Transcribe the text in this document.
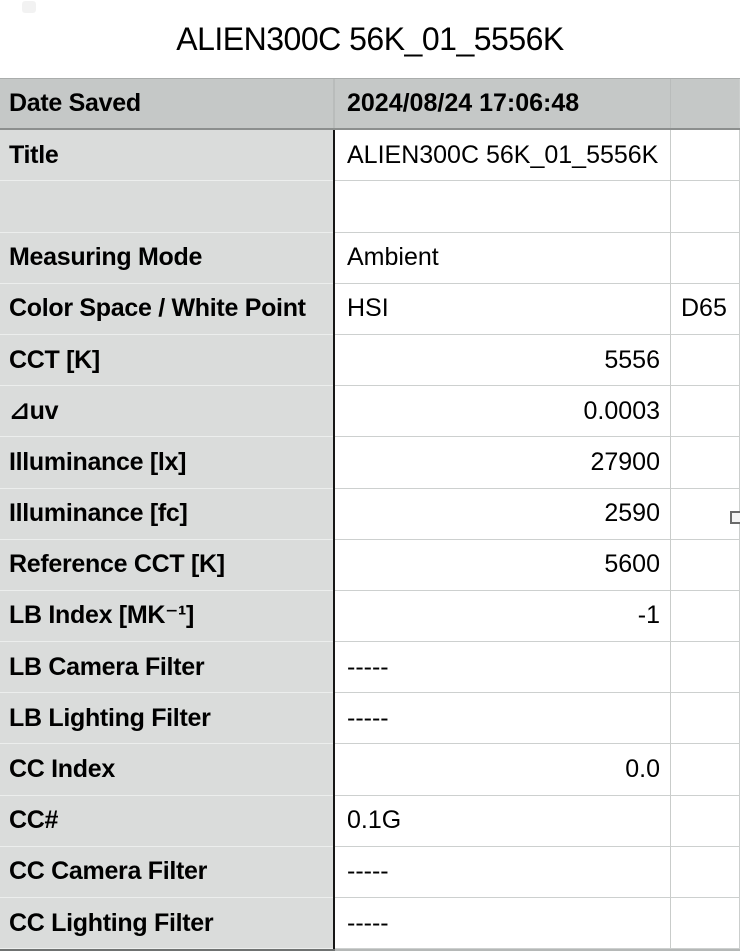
ALIEN300C 56K_01_5556K
Date Saved	2024/08/24 17:06:48
Title	ALIEN300C 56K_01_5556K
Measuring Mode	Ambient
Color Space / White Point	HSI	D65
CCT [K]	5556
⊿uv	0.0003
Illuminance [lx]	27900
Illuminance [fc]	2590
Reference CCT [K]	5600
LB Index [MK⁻¹]	-1
LB Camera Filter	-----
LB Lighting Filter	-----
CC Index	0.0
CC#	0.1G
CC Camera Filter	-----
CC Lighting Filter	-----
